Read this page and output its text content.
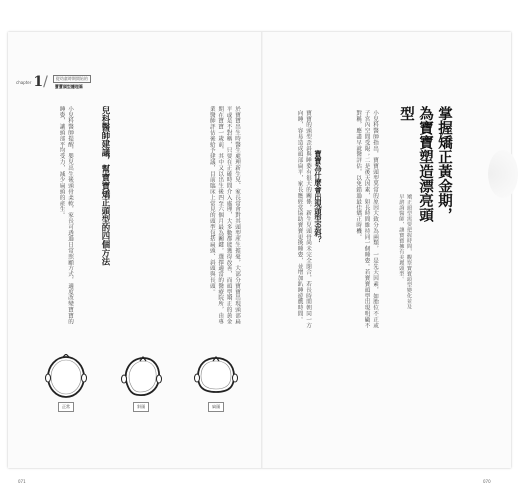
chapter 1 /	從幼童時期開始的
寶寶頭型護理篇
於寶寶出生時醫生處理新生兒、家長常會對其頭型產生擔憂，大部分寶寶出現頭部扁平或是不對稱，只要在正確時間介入處理，大多數都能獲得改善，而頭型矯正的黃金期在寶寶一歲前，其中又以出生後四至六個月最為關鍵。選擇適當的醫療院所，由專業醫師評估後給予建議，目前臨床上常見的頭型包括扁頭、斜頭與長頭。
兒科醫師建議，幫寶寶矯正頭型的四個方法
小兒科醫師提醒，嬰兒出生後頭骨柔軟，家長可透過日常照顧方式，適度改變寶寶的睡姿，讓頭部平均受力，減少扁頭的產生。
正常	斜頭	扁頭
071
掌握矯正黃金期，為寶寶塑造漂亮頭型
矯正頭型需要把握時間，觀察寶寶頭型變化並及早諮詢醫師，讓寶寶擁有美麗頭型。
小兒科醫師指出，寶寶頭型異常的原因大致分為兩類，一是先天因素，如胎位不正或子宮內空間受限；二是後天因素，如長時間維持同一個睡姿。若寶寶頭型出現明顯不對稱，應盡早就醫評估，以免錯過最佳矯正時機。
寶寶為什麼會出現頭型歪斜？
寶寶的頭型歪斜與睡姿有很大的關係，新生兒頭骨尚未完全閉合，若長時間朝同一方向睡，容易造成頭部扁平，家長應經常協助寶寶更換睡姿，並增加趴睡遊戲時間。
070
